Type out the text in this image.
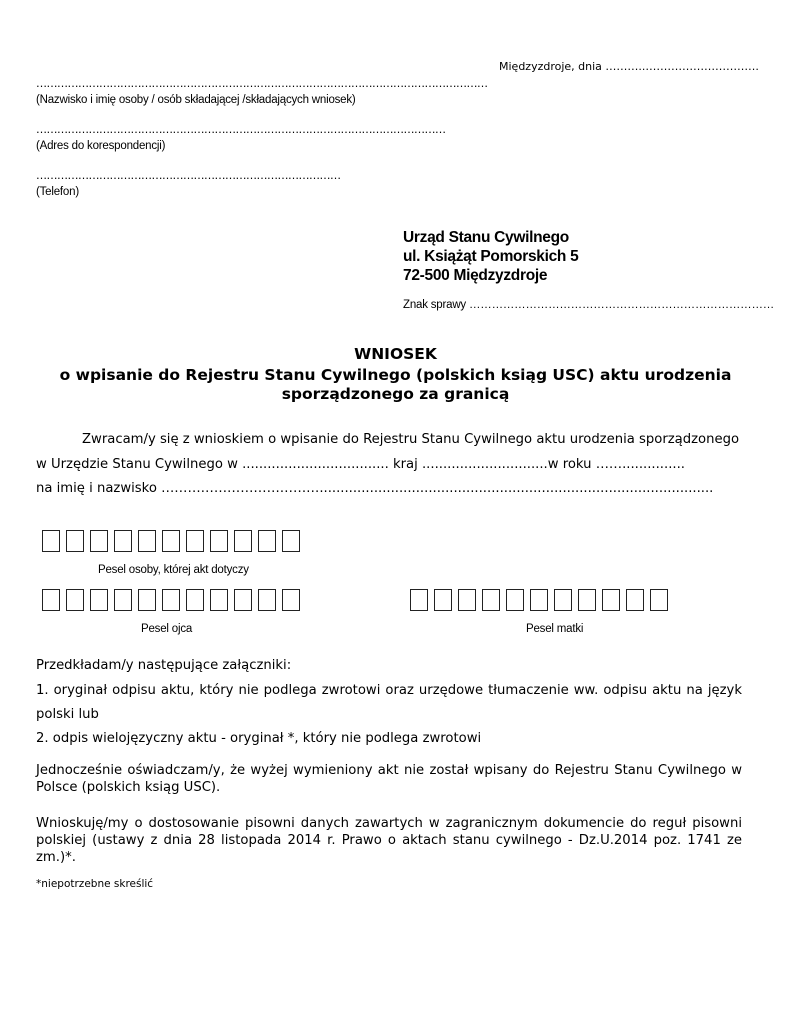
Międzyzdroje, dnia ………..………………………….
…………………………………………………………………………………………………………………
(Nazwisko i imię osoby / osób składającej /składających wniosek)
………………………………………………………………………………………………………
(Adres do korespondencji)
……………………………………………………………………………
(Telefon)
Urząd Stanu Cywilnego
ul. Książąt Pomorskich 5
72-500 Międzyzdroje
Znak sprawy ………………………………………………………………………
WNIOSEK
o wpisanie do Rejestru Stanu Cywilnego (polskich ksiąg USC) aktu urodzenia
sporządzonego za granicą
Zwracam/y się z wnioskiem o wpisanie do Rejestru Stanu Cywilnego aktu urodzenia sporządzonego
w Urzędzie Stanu Cywilnego w ................................... kraj ..............................w roku ……...............
na imię i nazwisko ………………………………..............................................................................................
Pesel osoby, której akt dotyczy
Pesel ojca	Pesel matki
Przedkładam/y następujące załączniki:
1. oryginał odpisu aktu, który nie podlega zwrotowi oraz urzędowe tłumaczenie ww. odpisu aktu na język
polski lub
2. odpis wielojęzyczny aktu - oryginał *, który nie podlega zwrotowi
Jednocześnie oświadczam/y, że wyżej wymieniony akt nie został wpisany do Rejestru Stanu Cywilnego w Polsce (polskich ksiąg USC).
Wnioskuję/my o dostosowanie pisowni danych zawartych w zagranicznym dokumencie do reguł pisowni polskiej (ustawy z dnia 28 listopada 2014 r. Prawo o aktach stanu cywilnego - Dz.U.2014 poz. 1741 ze zm.)*.
*niepotrzebne skreślić
